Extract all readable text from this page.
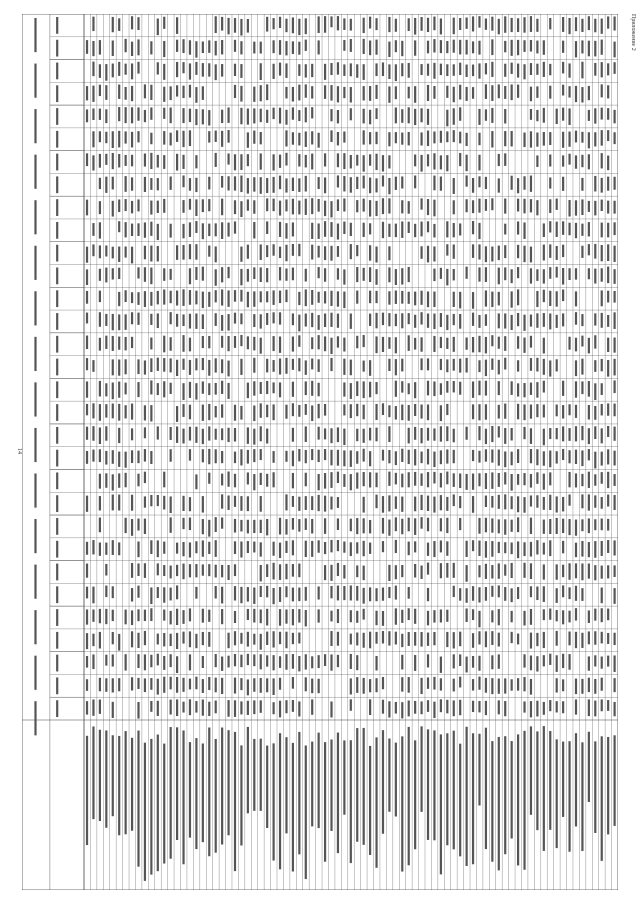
14
Приложение 2
